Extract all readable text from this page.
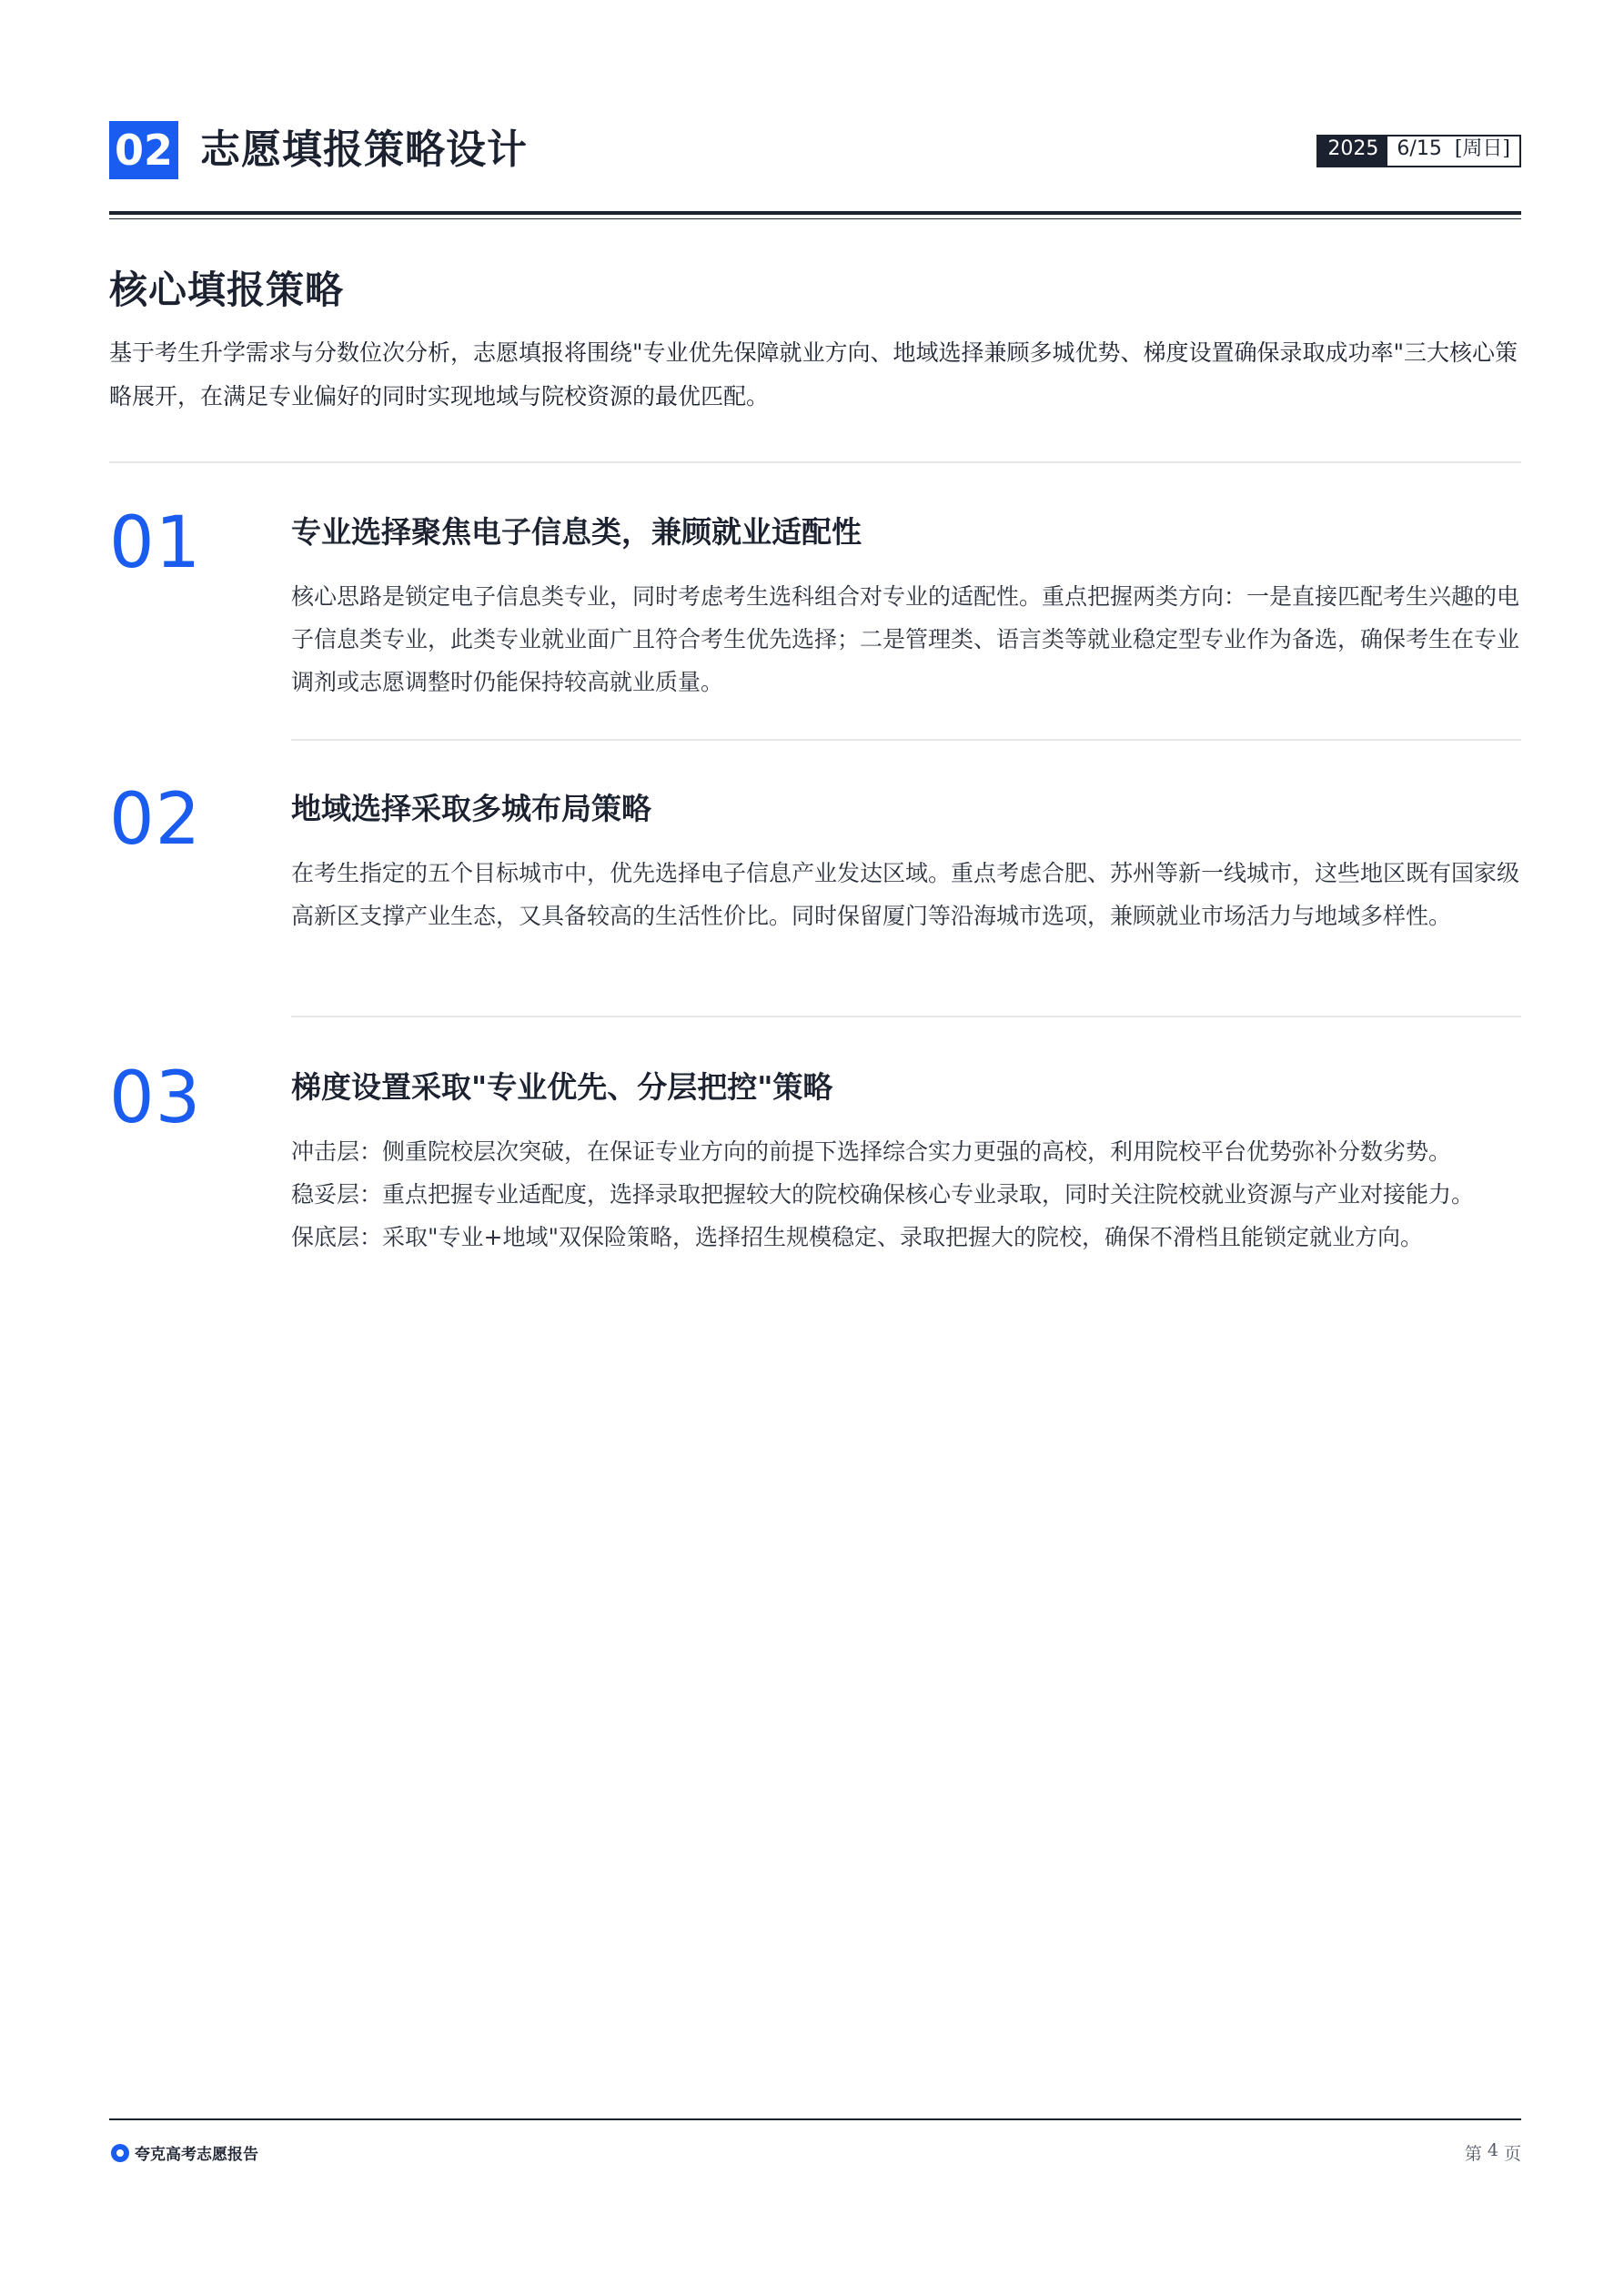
02 志愿填报策略设计	2025 6/15 [周日]
核心填报策略
基于考生升学需求与分数位次分析，志愿填报将围绕"专业优先保障就业方向、地域选择兼顾多城优势、梯度设置确保录取成功率"三大核心策略展开，在满足专业偏好的同时实现地域与院校资源的最优匹配。
01	专业选择聚焦电子信息类，兼顾就业适配性

核心思路是锁定电子信息类专业，同时考虑考生选科组合对专业的适配性。重点把握两类方向：一是直接匹配考生兴趣的电子信息类专业，此类专业就业面广且符合考生优先选择；二是管理类、语言类等就业稳定型专业作为备选，确保考生在专业调剂或志愿调整时仍能保持较高就业质量。

02	地域选择采取多城布局策略

在考生指定的五个目标城市中，优先选择电子信息产业发达区域。重点考虑合肥、苏州等新一线城市，这些地区既有国家级高新区支撑产业生态，又具备较高的生活性价比。同时保留厦门等沿海城市选项，兼顾就业市场活力与地域多样性。

03	梯度设置采取"专业优先、分层把控"策略

冲击层：侧重院校层次突破，在保证专业方向的前提下选择综合实力更强的高校，利用院校平台优势弥补分数劣势。

稳妥层：重点把握专业适配度，选择录取把握较大的院校确保核心专业录取，同时关注院校就业资源与产业对接能力。

保底层：采取"专业+地域"双保险策略，选择招生规模稳定、录取把握大的院校，确保不滑档且能锁定就业方向。

夸克高考志愿报告	第 4 页
